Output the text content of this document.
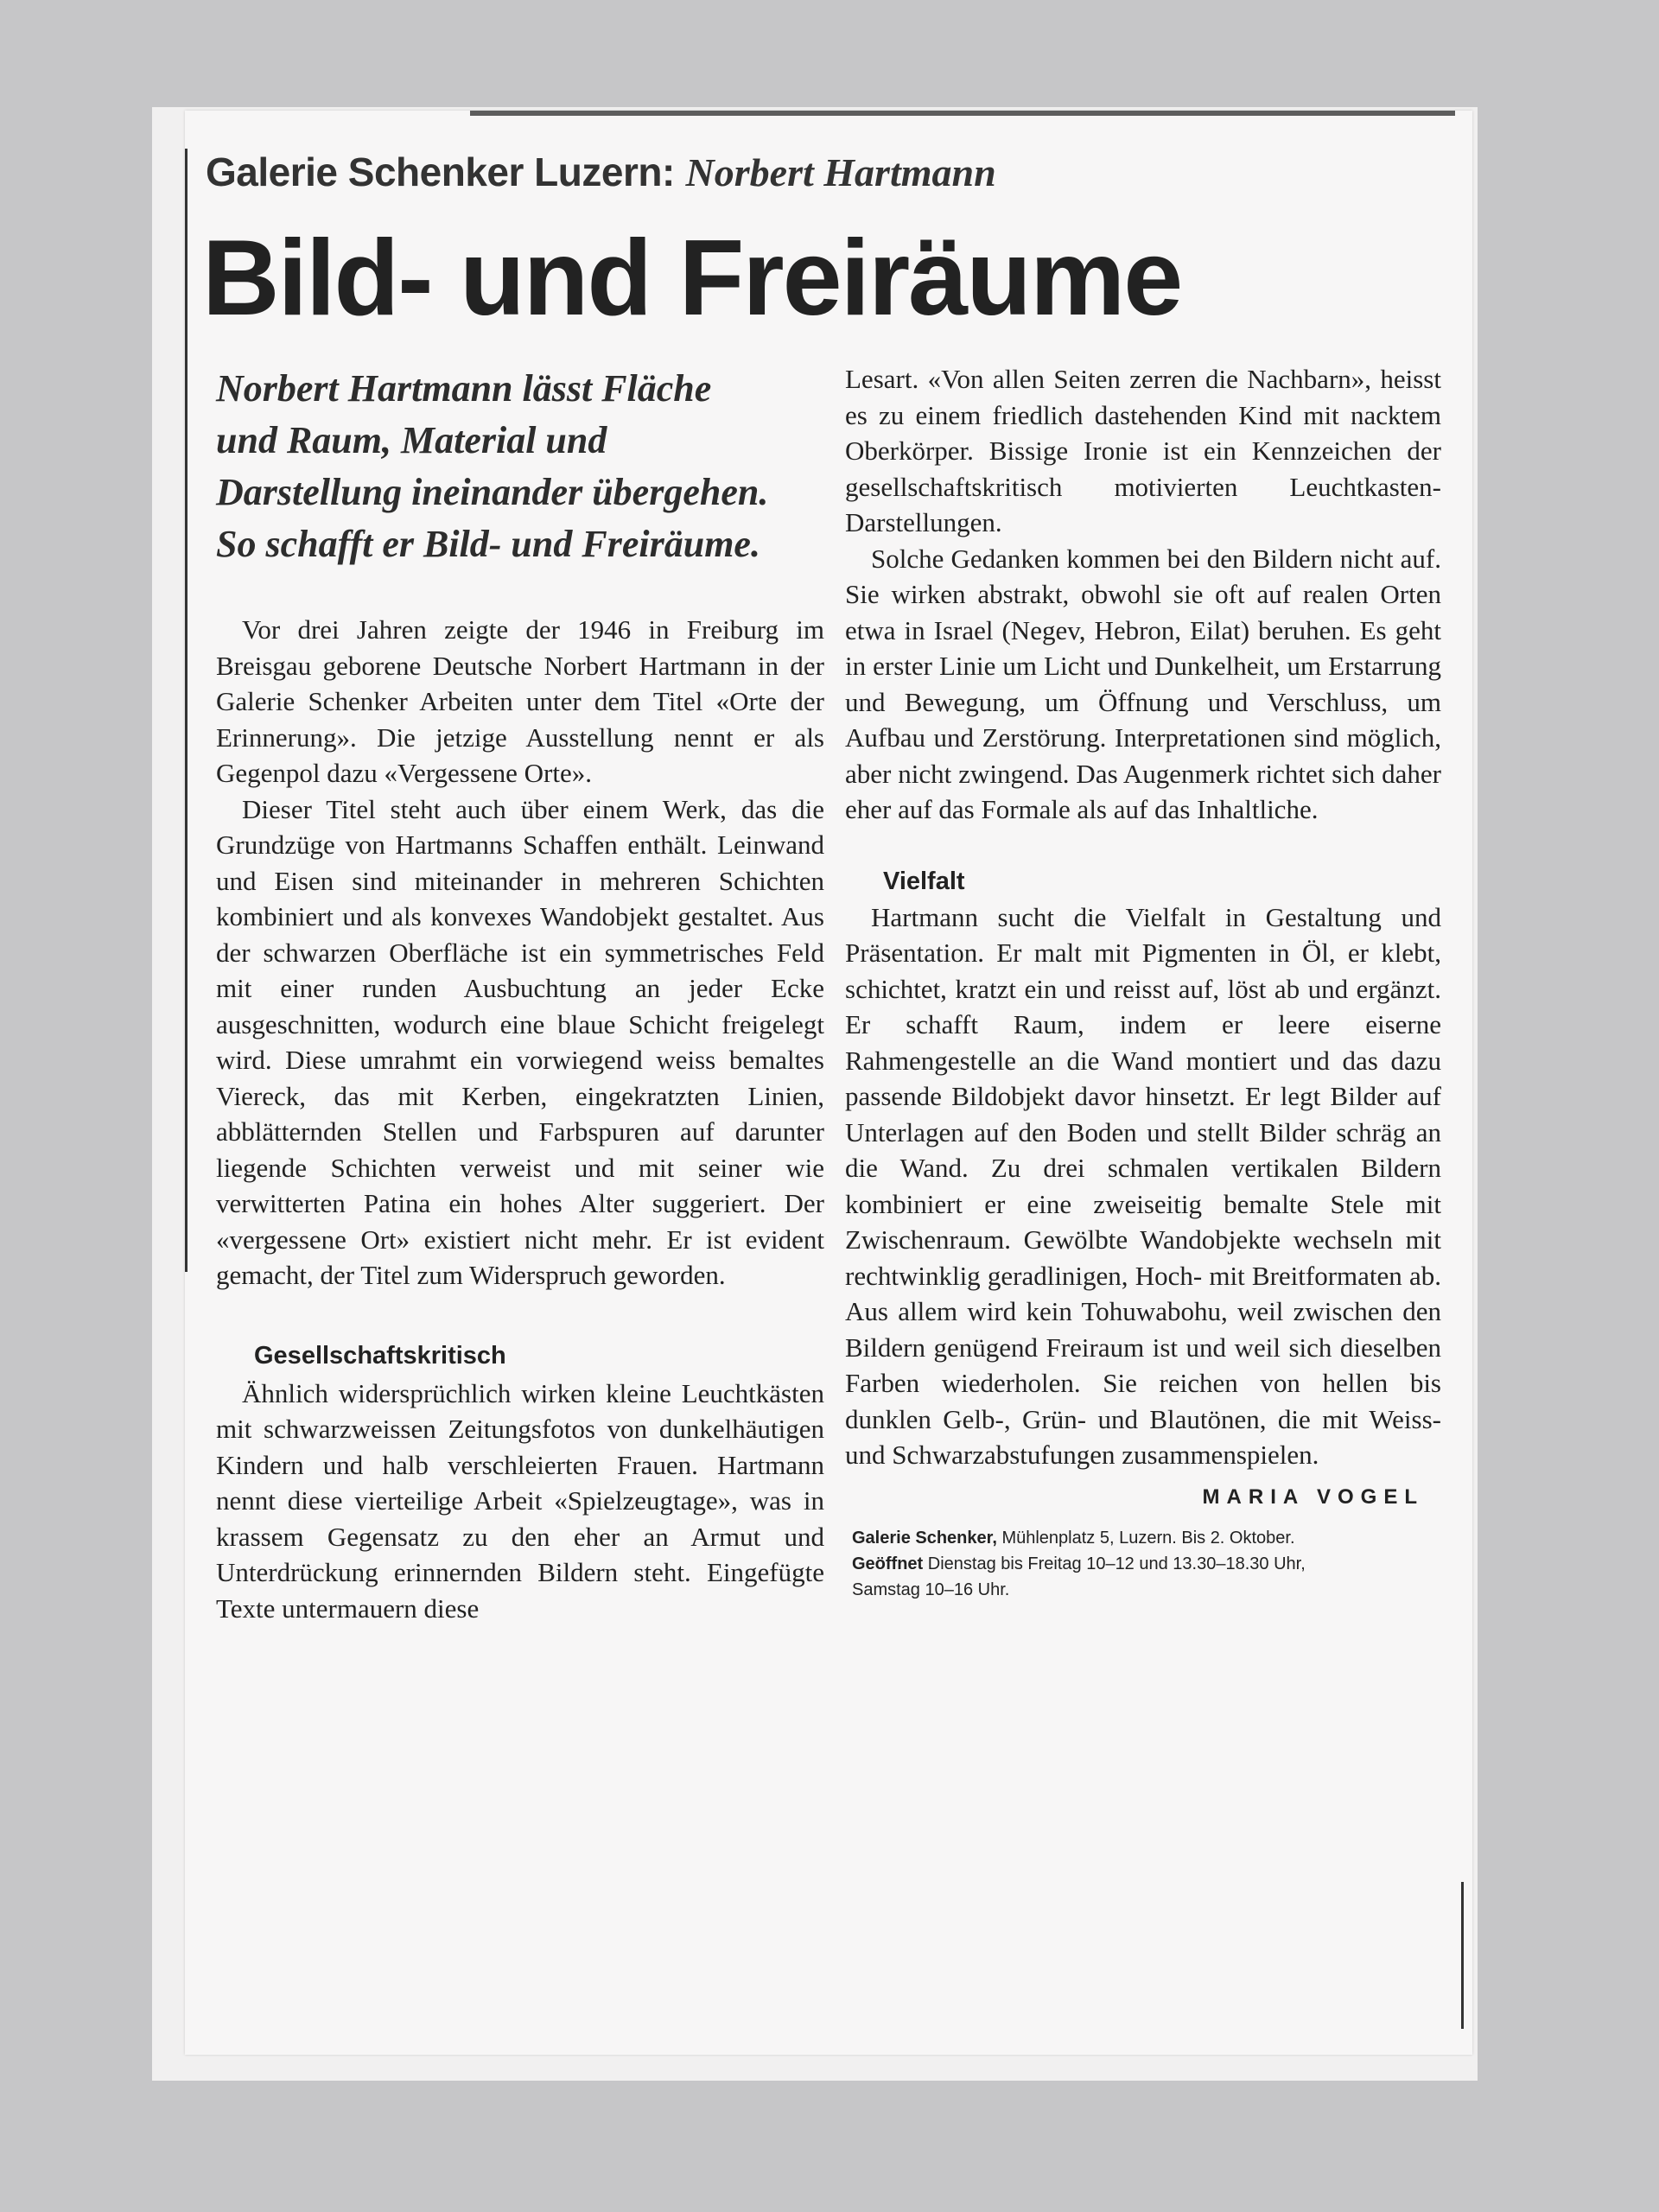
Galerie Schenker Luzern: Norbert Hartmann
Bild- und Freiräume

Norbert Hartmann lässt Fläche und Raum, Material und Darstellung ineinander übergehen. So schafft er Bild- und Freiräume.

Vor drei Jahren zeigte der 1946 in Freiburg im Breisgau geborene Deutsche Norbert Hartmann in der Galerie Schenker Arbeiten unter dem Titel «Orte der Erinnerung». Die jetzige Ausstellung nennt er als Gegenpol dazu «Vergessene Orte».

Dieser Titel steht auch über einem Werk, das die Grundzüge von Hartmanns Schaffen enthält. Leinwand und Eisen sind miteinander in mehreren Schichten kombiniert und als konvexes Wandobjekt gestaltet. Aus der schwarzen Oberfläche ist ein symmetrisches Feld mit einer runden Ausbuchtung an jeder Ecke ausgeschnitten, wodurch eine blaue Schicht freigelegt wird. Diese umrahmt ein vorwiegend weiss bemaltes Viereck, das mit Kerben, eingekratzten Linien, abblätternden Stellen und Farbspuren auf darunter liegende Schichten verweist und mit seiner wie verwitterten Patina ein hohes Alter suggeriert. Der «vergessene Ort» existiert nicht mehr. Er ist evident gemacht, der Titel zum Widerspruch geworden.

Gesellschaftskritisch

Ähnlich widersprüchlich wirken kleine Leuchtkästen mit schwarzweissen Zeitungsfotos von dunkelhäutigen Kindern und halb verschleierten Frauen. Hartmann nennt diese vierteilige Arbeit «Spielzeugtage», was in krassem Gegensatz zu den eher an Armut und Unterdrückung erinnernden Bildern steht. Eingefügte Texte untermauern diese

Lesart. «Von allen Seiten zerren die Nachbarn», heisst es zu einem friedlich dastehenden Kind mit nacktem Oberkörper. Bissige Ironie ist ein Kennzeichen der gesellschaftskritisch motivierten Leuchtkasten-Darstellungen.

Solche Gedanken kommen bei den Bildern nicht auf. Sie wirken abstrakt, obwohl sie oft auf realen Orten etwa in Israel (Negev, Hebron, Eilat) beruhen. Es geht in erster Linie um Licht und Dunkelheit, um Erstarrung und Bewegung, um Öffnung und Verschluss, um Aufbau und Zerstörung. Interpretationen sind möglich, aber nicht zwingend. Das Augenmerk richtet sich daher eher auf das Formale als auf das Inhaltliche.

Vielfalt

Hartmann sucht die Vielfalt in Gestaltung und Präsentation. Er malt mit Pigmenten in Öl, er klebt, schichtet, kratzt ein und reisst auf, löst ab und ergänzt. Er schafft Raum, indem er leere eiserne Rahmengestelle an die Wand montiert und das dazu passende Bildobjekt davor hinsetzt. Er legt Bilder auf Unterlagen auf den Boden und stellt Bilder schräg an die Wand. Zu drei schmalen vertikalen Bildern kombiniert er eine zweiseitig bemalte Stele mit Zwischenraum. Gewölbte Wandobjekte wechseln mit rechtwinklig geradlinigen, Hoch- mit Breitformaten ab. Aus allem wird kein Tohuwabohu, weil zwischen den Bildern genügend Freiraum ist und weil sich dieselben Farben wiederholen. Sie reichen von hellen bis dunklen Gelb-, Grün- und Blautönen, die mit Weiss- und Schwarzabstufungen zusammenspielen.

MARIA VOGEL
Galerie Schenker, Mühlenplatz 5, Luzern. Bis 2. Oktober.
Geöffnet Dienstag bis Freitag 10–12 und 13.30–18.30 Uhr,
Samstag 10–16 Uhr.
